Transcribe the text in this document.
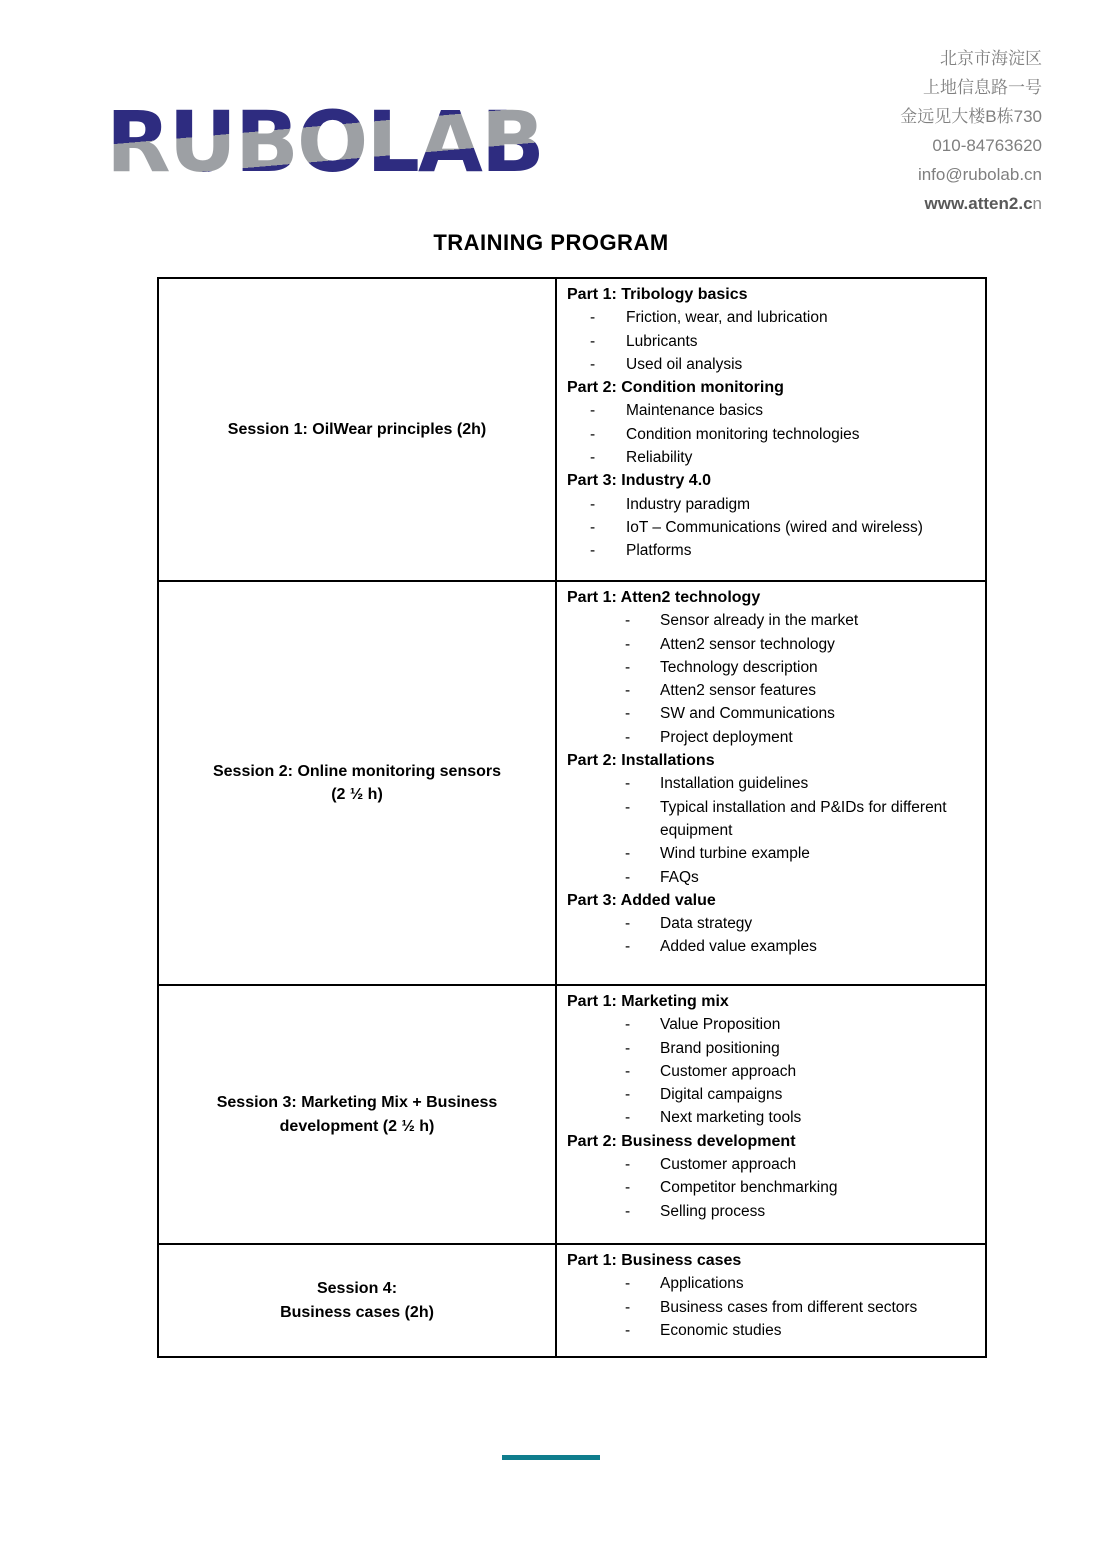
RUBOLAB
北京市海淀区
上地信息路一号
金远见大楼B栋730
010-84763620
info@rubolab.cn
www.atten2.cn
TRAINING PROGRAM
Session 1: OilWear principles (2h)
Part 1: Tribology basics
- Friction, wear, and lubrication
- Lubricants
- Used oil analysis
Part 2: Condition monitoring
- Maintenance basics
- Condition monitoring technologies
- Reliability
Part 3: Industry 4.0
- Industry paradigm
- IoT – Communications (wired and wireless)
- Platforms
Session 2: Online monitoring sensors
(2 ½ h)
Part 1: Atten2 technology
- Sensor already in the market
- Atten2 sensor technology
- Technology description
- Atten2 sensor features
- SW and Communications
- Project deployment
Part 2: Installations
- Installation guidelines
- Typical installation and P&IDs for different equipment
- Wind turbine example
- FAQs
Part 3: Added value
- Data strategy
- Added value examples
Session 3: Marketing Mix + Business
development (2 ½ h)
Part 1: Marketing mix
- Value Proposition
- Brand positioning
- Customer approach
- Digital campaigns
- Next marketing tools
Part 2: Business development
- Customer approach
- Competitor benchmarking
- Selling process
Session 4:
Business cases (2h)
Part 1: Business cases
- Applications
- Business cases from different sectors
- Economic studies
